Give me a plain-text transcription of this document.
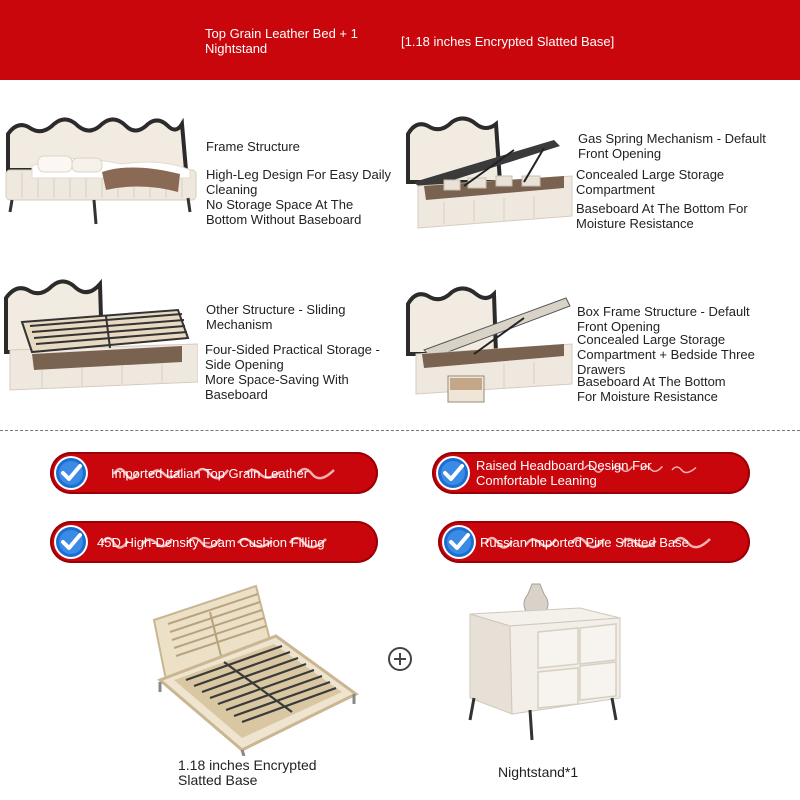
Top Grain Leather Bed + 1 Nightstand	[1.18 inches Encrypted Slatted Base]
Frame Structure
High-Leg Design For Easy Daily Cleaning
No Storage Space At The Bottom Without Baseboard
Gas Spring Mechanism - Default Front Opening
Concealed Large Storage Compartment
Baseboard At The Bottom For Moisture Resistance
Other Structure - Sliding Mechanism
Four-Sided Practical Storage - Side Opening
More Space-Saving With Baseboard
Box Frame Structure - Default Front Opening
Concealed Large Storage Compartment + Bedside Three Drawers
Baseboard At The Bottom For Moisture Resistance
Imported Italian Top Grain Leather	Raised Headboard Design For Comfortable Leaning
45D High-Density Foam Cushion Filling	Russian Imported Pine Slatted Base
1.18 inches Encrypted Slatted Base	Nightstand*1
